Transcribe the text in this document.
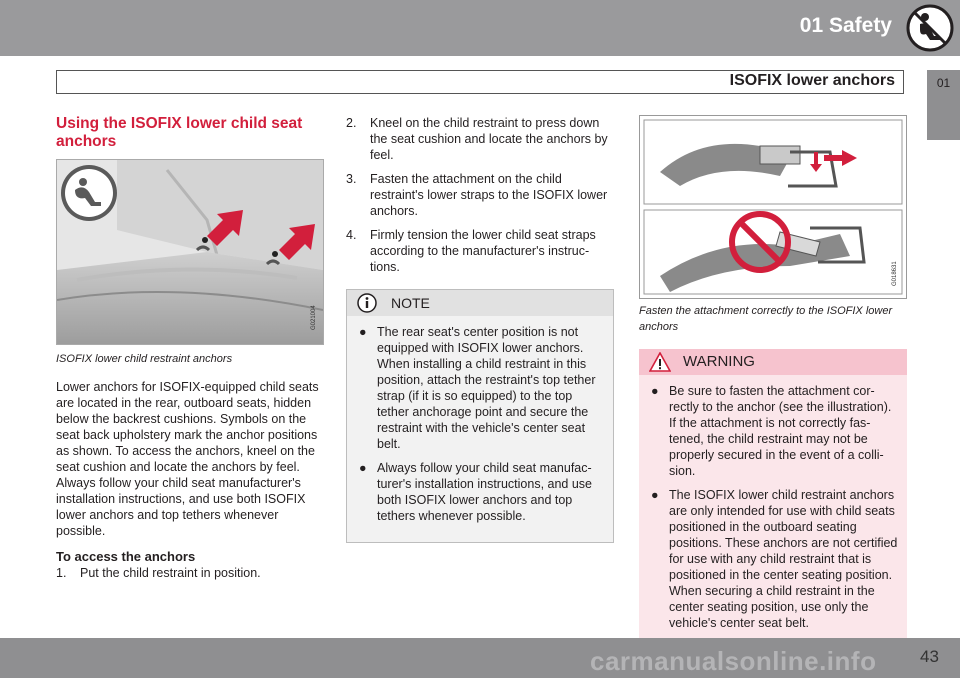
01 Safety
ISOFIX lower anchors	01
Using the ISOFIX lower child seat anchors
G021004
ISOFIX lower child restraint anchors

Lower anchors for ISOFIX-equipped child seats are located in the rear, outboard seats, hidden below the backrest cushions. Symbols on the seat back upholstery mark the anchor positions as shown. To access the anchors, kneel on the seat cushion and locate the anchors by feel. Always follow your child seat manufacturer's installation instructions, and use both ISOFIX lower anchors and top tethers whenever possible.

To access the anchors
1. Put the child restraint in position.
2. Kneel on the child restraint to press down the seat cushion and locate the anchors by feel.
3. Fasten the attachment on the child restraint's lower straps to the ISOFIX lower anchors.
4. Firmly tension the lower child seat straps according to the manufacturer's instruc-tions.
NOTE
● The rear seat's center position is not equipped with ISOFIX lower anchors. When installing a child restraint in this position, attach the restraint's top tether strap (if it is so equipped) to the top tether anchorage point and secure the restraint with the vehicle's center seat belt.
● Always follow your child seat manufac-turer's installation instructions, and use both ISOFIX lower anchors and top tethers whenever possible.
G018631
Fasten the attachment correctly to the ISOFIX lower anchors
WARNING
● Be sure to fasten the attachment cor-rectly to the anchor (see the illustration). If the attachment is not correctly fas-tened, the child restraint may not be properly secured in the event of a colli-sion.
● The ISOFIX lower child restraint anchors are only intended for use with child seats positioned in the outboard seating positions. These anchors are not certified for use with any child restraint that is positioned in the center seating position. When securing a child restraint in the center seating position, use only the vehicle's center seat belt.
carmanualsonline.info	43
